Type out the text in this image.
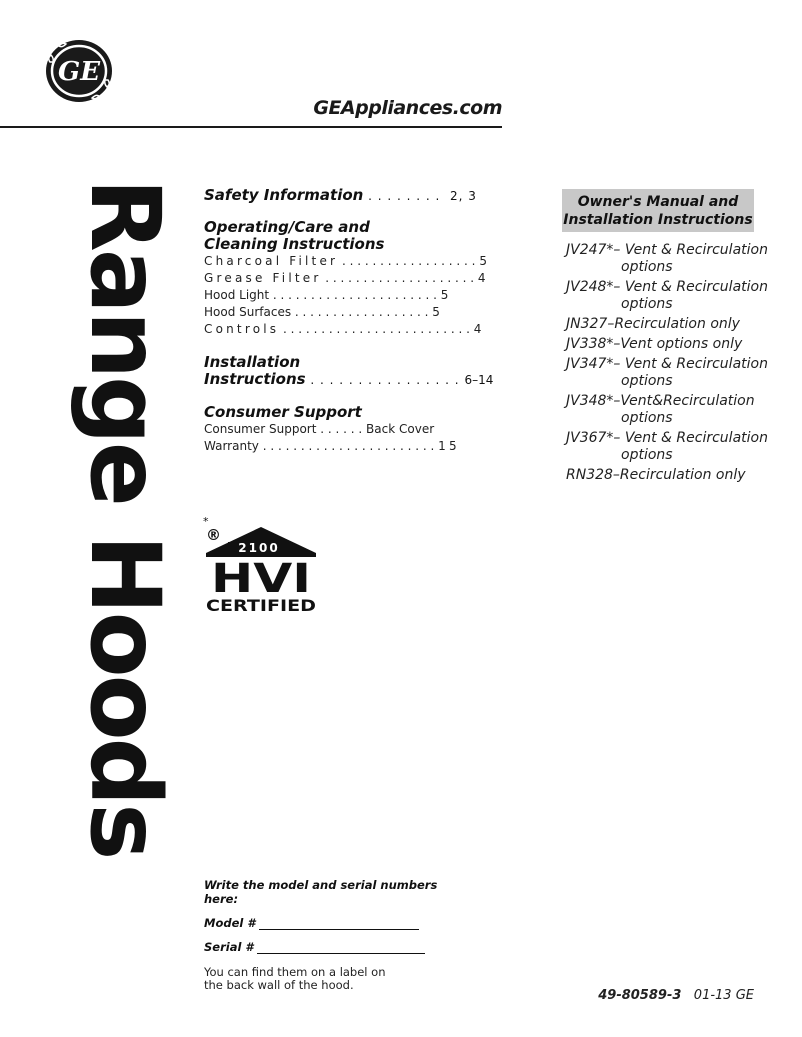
GE
GEAppliances.com
Range Hoods	Safety Information . . . . . . . .  2, 3
Operating/Care and
Cleaning Instructions
Charcoal Filter . . . . . . . . . . . . . . . . . . 5
Grease Filter . . . . . . . . . . . . . . . . . . . . 4
Hood Light . . . . . . . . . . . . . . . . . . . . . . 5
Hood Surfaces . . . . . . . . . . . . . . . . . . 5
Controls . . . . . . . . . . . . . . . . . . . . . . . . . 4
Installation
Instructions . . . . . . . . . . . . . . . . 6–14
Consumer Support
Consumer Support . . . . . . Back Cover
Warranty . . . . . . . . . . . . . . . . . . . . . . . 15
Owner's Manual and
Installation Instructions
JV247*– Vent & Recirculation
options
JV248*– Vent & Recirculation
options
JN327–Recirculation only
JV338*–Vent options only
JV347*– Vent & Recirculation
options
JV348*–Vent&Recirculation
options
JV367*– Vent & Recirculation
options
RN328–Recirculation only
*
®
2100
HVI
CERTIFIED
Write the model and serial numbers here:
Model #
Serial #
You can find them on a label on the back wall of the hood.
49-80589-3 01-13 GE
